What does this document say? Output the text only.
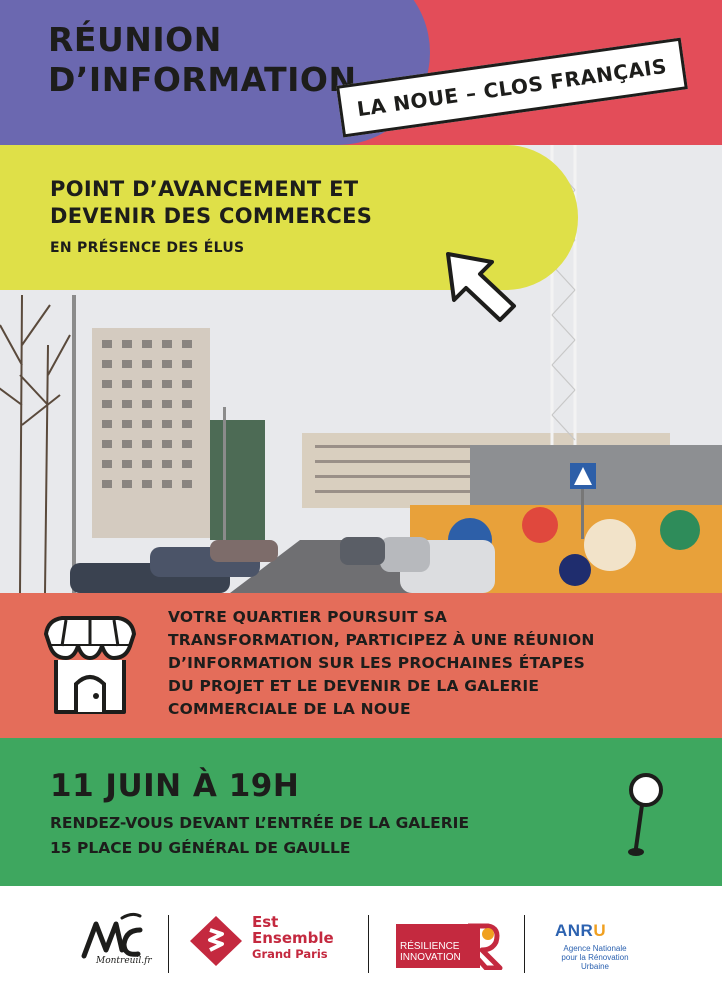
RÉUNION
D’INFORMATION
LA NOUE – CLOS FRANÇAIS
POINT D’AVANCEMENT ET
DEVENIR DES COMMERCES
EN PRÉSENCE DES ÉLUS
VOTRE QUARTIER POURSUIT SA
TRANSFORMATION, PARTICIPEZ À UNE RÉUNION
D’INFORMATION SUR LES PROCHAINES ÉTAPES
DU PROJET ET LE DEVENIR DE LA GALERIE
COMMERCIALE DE LA NOUE
11 JUIN À 19H
RENDEZ-VOUS DEVANT L’ENTRÉE DE LA GALERIE
15 PLACE DU GÉNÉRAL DE GAULLE
Montreuil.fr
Est
Ensemble
Grand Paris
RÉSILIENCE
INNOVATION
ANRU
Agence Nationale
pour la Rénovation
Urbaine
